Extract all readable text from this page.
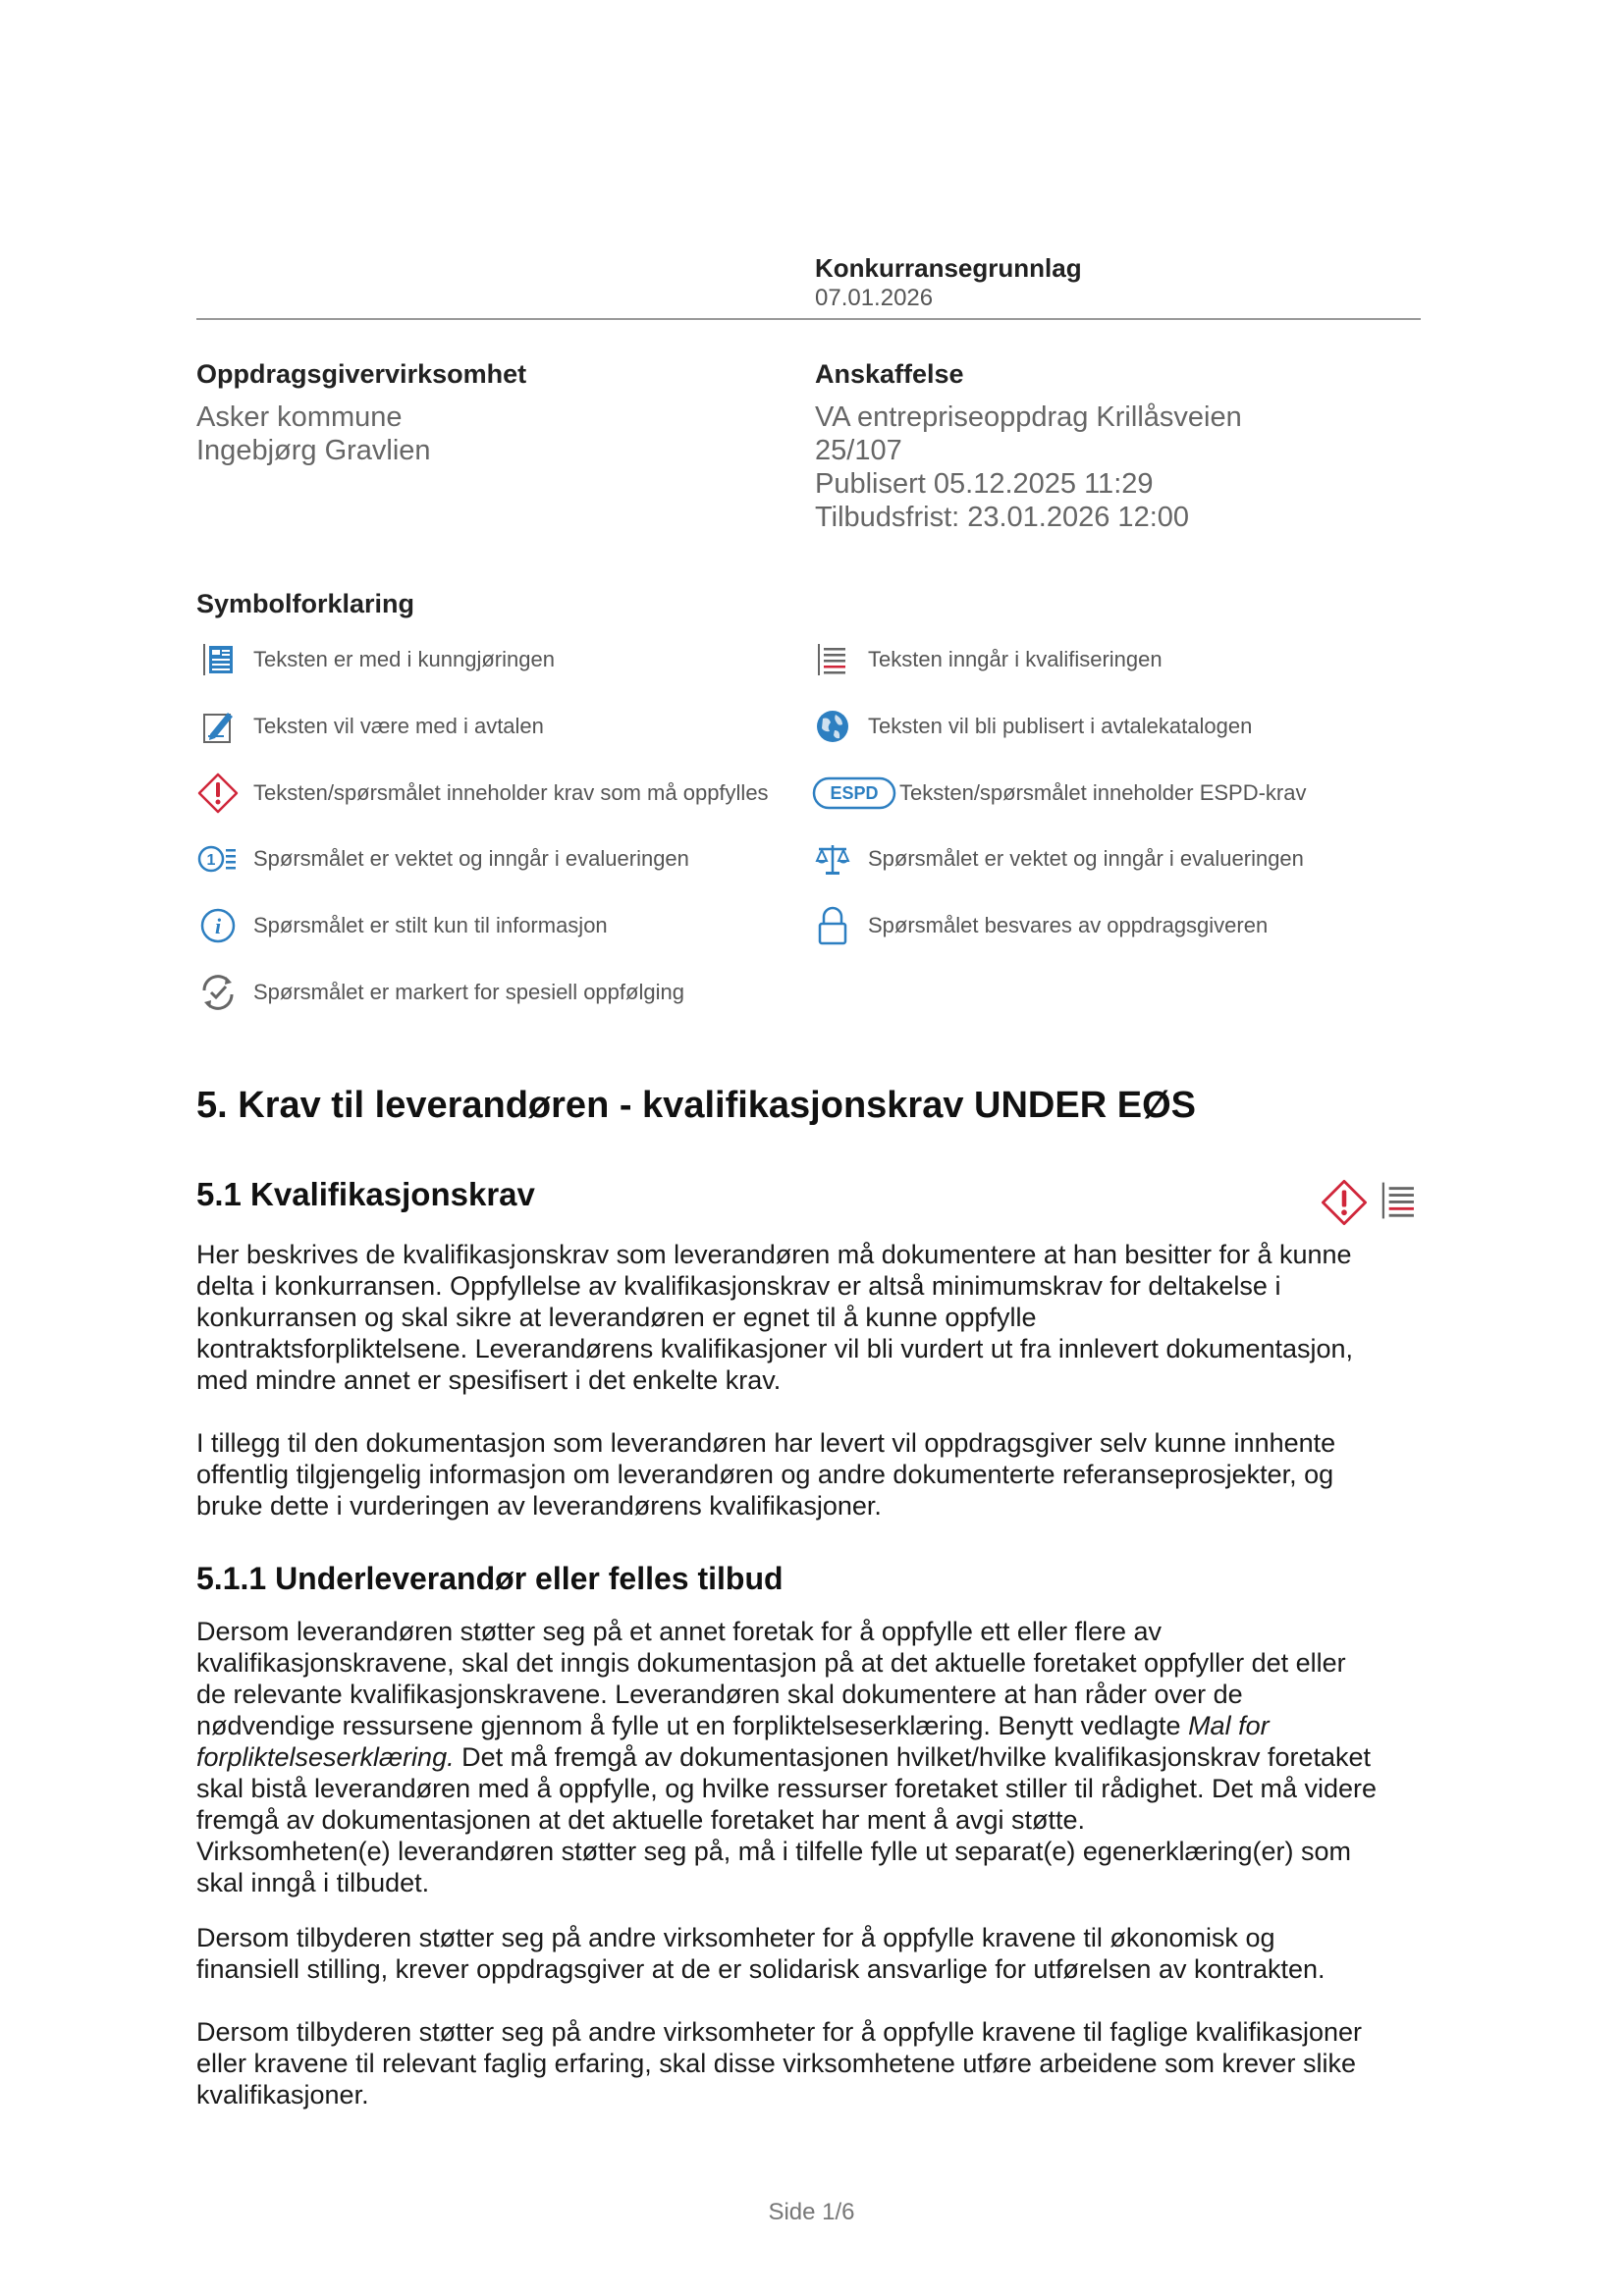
Konkurransegrunnlag
07.01.2026
Oppdragsgivervirksomhet
Asker kommune
Ingebjørg Gravlien
Anskaffelse
VA entrepriseoppdrag Krillåsveien
25/107
Publisert 05.12.2025 11:29
Tilbudsfrist: 23.01.2026 12:00
Symbolforklaring
Teksten er med i kunngjøringen	Teksten inngår i kvalifiseringen
Teksten vil være med i avtalen	Teksten vil bli publisert i avtalekatalogen
Teksten/spørsmålet inneholder krav som må oppfylles	ESPD Teksten/spørsmålet inneholder ESPD-krav
1 Spørsmålet er vektet og inngår i evalueringen	Spørsmålet er vektet og inngår i evalueringen
i Spørsmålet er stilt kun til informasjon	Spørsmålet besvares av oppdragsgiveren
Spørsmålet er markert for spesiell oppfølging
5. Krav til leverandøren - kvalifikasjonskrav UNDER EØS
5.1 Kvalifikasjonskrav

Her beskrives de kvalifikasjonskrav som leverandøren må dokumentere at han besitter for å kunne
delta i konkurransen. Oppfyllelse av kvalifikasjonskrav er altså minimumskrav for deltakelse i
konkurransen og skal sikre at leverandøren er egnet til å kunne oppfylle
kontraktsforpliktelsene. Leverandørens kvalifikasjoner vil bli vurdert ut fra innlevert dokumentasjon,
med mindre annet er spesifisert i det enkelte krav.

I tillegg til den dokumentasjon som leverandøren har levert vil oppdragsgiver selv kunne innhente
offentlig tilgjengelig informasjon om leverandøren og andre dokumenterte referanseprosjekter, og
bruke dette i vurderingen av leverandørens kvalifikasjoner.

5.1.1 Underleverandør eller felles tilbud

Dersom leverandøren støtter seg på et annet foretak for å oppfylle ett eller flere av
kvalifikasjonskravene, skal det inngis dokumentasjon på at det aktuelle foretaket oppfyller det eller
de relevante kvalifikasjonskravene. Leverandøren skal dokumentere at han råder over de
nødvendige ressursene gjennom å fylle ut en forpliktelseserklæring. Benytt vedlagte Mal for
forpliktelseserklæring. Det må fremgå av dokumentasjonen hvilket/hvilke kvalifikasjonskrav foretaket
skal bistå leverandøren med å oppfylle, og hvilke ressurser foretaket stiller til rådighet. Det må videre
fremgå av dokumentasjonen at det aktuelle foretaket har ment å avgi støtte.
Virksomheten(e) leverandøren støtter seg på, må i tilfelle fylle ut separat(e) egenerklæring(er) som
skal inngå i tilbudet.

Dersom tilbyderen støtter seg på andre virksomheter for å oppfylle kravene til økonomisk og
finansiell stilling, krever oppdragsgiver at de er solidarisk ansvarlige for utførelsen av kontrakten.

Dersom tilbyderen støtter seg på andre virksomheter for å oppfylle kravene til faglige kvalifikasjoner
eller kravene til relevant faglig erfaring, skal disse virksomhetene utføre arbeidene som krever slike
kvalifikasjoner.

Side 1/6
